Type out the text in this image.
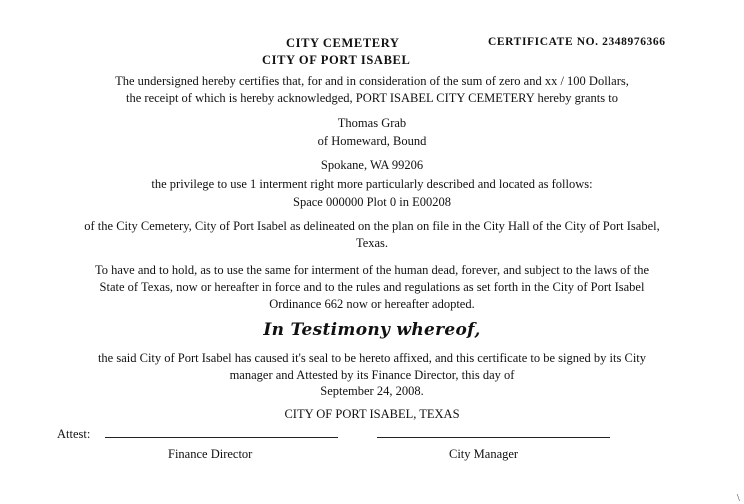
CITY CEMETERY	CERTIFICATE NO. 2348976366
CITY OF PORT ISABEL
The undersigned hereby certifies that, for and in consideration of the sum of zero and xx / 100 Dollars,
the receipt of which is hereby acknowledged, PORT ISABEL CITY CEMETERY hereby grants to
Thomas Grab
of Homeward, Bound
Spokane, WA 99206
the privilege to use 1 interment right more particularly described and located as follows:
Space 000000 Plot 0 in E00208
of the City Cemetery, City of Port Isabel as delineated on the plan on file in the City Hall of the City of Port Isabel,
Texas.
To have and to hold, as to use the same for interment of the human dead, forever, and subject to the laws of the
State of Texas, now or hereafter in force and to the rules and regulations as set forth in the City of Port Isabel
Ordinance 662 now or hereafter adopted.
In Testimony whereof,
the said City of Port Isabel has caused it's seal to be hereto affixed, and this certificate to be signed by its City
manager and Attested by its Finance Director, this day of
September 24, 2008.
CITY OF PORT ISABEL, TEXAS
Attest:
Finance Director	City Manager
\
